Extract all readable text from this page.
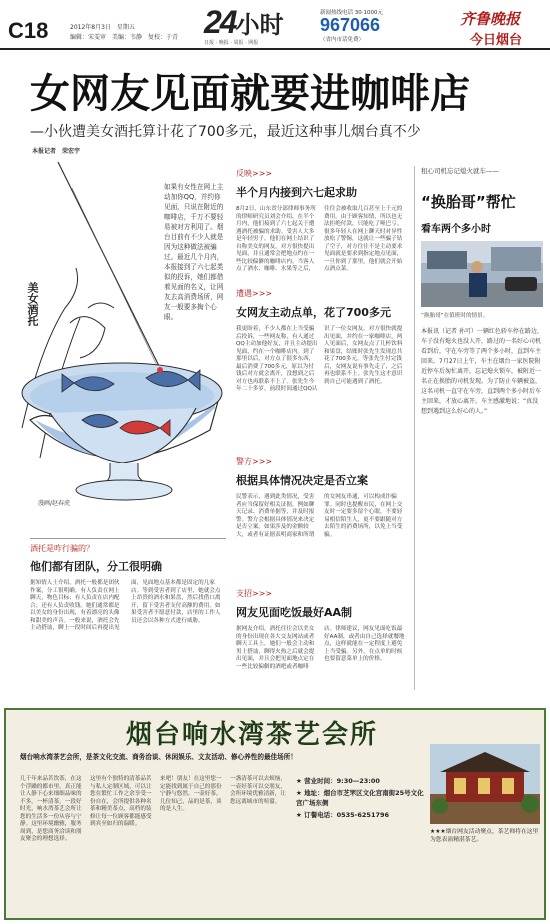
C18	2012年8月3日　星期五
编辑：宋雯审　美编：韦静　复校：于青 24小时
日报 · 晚报 · 周报 · 网报
新闻热线电话 30·1000元
967066
（省内市话免费）
齐鲁晚报
今日烟台
女网友见面就要进咖啡店
—小伙遭美女酒托算计花了700多元，最近这种事儿烟台真不少
本报记者　荣宏宇
美女酒托
漫画/赵春虎
如果有女性在网上主动加你QQ，并约你见面，只说在附近的咖啡店，千万不要轻易被对方利用了。烟台目前有不少人就是因为这种做法被骗过。最近几个月内，本报接到了六七起类似的投诉，她们都借着见面的名义，让网友去高消费场所，网友一般要多掏个心眼。
反映>>>
半个月内接到六七起求助
8月2日，山东省分部律师事务所的律师研究员刘会介绍，在半个月内，他们接到了六七起关于遭遇酒托被骗的求助。受害人大多是年轻男子，他们在网上结识了自称美女的网友，对方很快提出见面，并且通常会把地点约在一些比较偏僻的咖啡店内。当客人点了酒水、咖啡、水果等之后，往往会被收取几百甚至上千元的费用。由于顾客知情，所以也无法拒绝付款，只能吃了哑巴亏。很多年轻人在网上聊天时对异性放松了警惕，这就让一些骗子钻了空子，对方往往不是主动要求见面就是要求到指定地点见面，一旦你到了那里，他们就会开始点酒点菜。
遭遇>>>
女网友主动点单，花了700多元
我更盼着，不少人都在上当受骗后投诉，一些网友称，有人通过QQ主动加他好友，并且主动提出见面，约在一个咖啡店内。到了那里以后，对方点了很多东西，最后消费了700多元，原以为付钱后对方就会离开，没想到之后对方也再联系不上了。张先生今年二十多岁，前段时间通过QQ认识了一位女网友，对方很快就提出见面，并约在一家咖啡店。两人见面后，女网友点了几杯饮料和果盘，结账时张先生发现总共花了700多元。等张先生付完钱后，女网友说有事先走了，之后再也联系不上。张先生这才意识到自己可能遇到了酒托。
警方>>>
根据具体情况决定是否立案
民警表示，遇到此类情况，受害者应当保留好相关证据，例如聊天记录、消费单据等，并及时报警。警方会根据具体情况来决定是否立案。如果涉及的金额较大，或者有证据表明商家和所谓的女网友串通，可以构成诈骗罪。同时也提醒市民，在网上交友时一定要多留个心眼，不要轻易相信陌生人，更不要跟随对方去陌生的消费场所，以免上当受骗。
支招>>>
网友见面吃饭最好AA制
据网友介绍，酒托往往会以美女的身份出现在各大交友网站或者聊天工具上，她们一般会主动和男士搭讪，聊得火热之后就会提出见面，并且会把见面地点定在一些比较偏僻的酒吧或者咖啡店。律师建议，网友见面吃饭最好AA制，或者由自己选择就餐地点，这样就能在一定程度上避免上当受骗。另外，在点单的时候也要留意菜单上的价格。
酒托是咋行骗的？
他们都有团队，分工很明确
据知情人士介绍，酒托一般都是团伙作案，分工很明确。有人负责在网上聊天，物色目标；有人负责在店内配合；还有人负责收钱。她们通常都是以美女的身份出现，有着漂亮的头像和甜美的声音。一般来说，酒托会先主动搭讪，聊上一段时间后再提出见面，见面地点基本都是固定的几家店。等到受害者到了店里，她就会点上昂贵的酒水和果盘，然后找借口离开，留下受害者支付高额的费用。如果受害者不愿意付款，店里的工作人员还会以各种方式进行威胁。
租心司机忘记熄火就车——
“换胎哥”帮忙
看车两个多小时
“换胎哥”在值班时的情景。
本报讯（记者 孙可）一辆红色轿车停在路边，车子没有熄火也没人开，路过的一名好心司机看到后，守在车旁等了两个多小时，直到车主回来。7月27日上午，车主在烟台一家医院附近停车后匆忙离开，忘记熄火锁车，被附近一名正在换胎的司机发现。为了防止车辆被盗，这名司机一直守在车旁，直到两个多小时后车主回来，才放心离开。车主感激地说：“真没想到遇到这么好心的人。”
烟台响水湾茶艺会所
烟台响水湾茶艺会所，是茶文化交流、商务洽谈、休闲娱乐、文友活动、修心养性的最佳场所！
几千年来品茗饮茶，在这个浮躁的都市里，真正能让人静下心来细细品味的不多。一杯清茶，一段好时光，响水湾茶艺会所让您的生活多一份从容与宁静。这里环境幽雅，服务周到，是您商务洽谈和朋友聚会的理想选择。
这里有个独特的清茶品茗与私人定制区域，可以让您在繁忙工作之余享受一份自在，会所提供各种名茶和精美茶点，高档的装修让每一位顾客都能感受到宾至如归的温暖。
来吧！朋友！在这里您一定能找到属于自己的那份宁静与悠然，一壶好茶，几位知己，品的是茶，谈的是人生。
一盏清茶可以去烦恼，一壶好茶可以交朋友，会所环境优雅清新，让您远离城市的喧嚣。
★ 营业时间：9:30—23:00
★ 地址：烟台市芝罘区文化宫南街25号文化宫广场东侧
★ 订餐电话：0535-6251796
★★★烟台网友活动聚点，茶艺师将在这里为您表演精湛茶艺。
